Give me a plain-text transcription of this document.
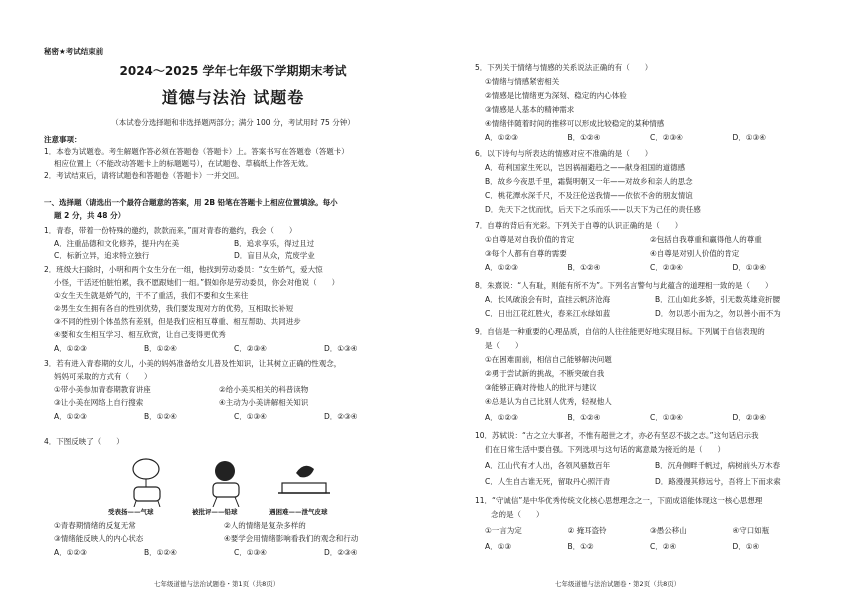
秘密★考试结束前
2024～2025 学年七年级下学期期末考试
道德与法治 试题卷
（本试卷分选择题和非选择题两部分；满分 100 分，考试用时 75 分钟）
注意事项：
1．本卷为试题卷。考生解题作答必须在答题卷（答题卡）上。答案书写在答题卷（答题卡）
相应位置上（不能改动答题卡上的标题题号），在试题卷、草稿纸上作答无效。
2．考试结束后，请将试题卷和答题卷（答题卡）一并交回。
一、选择题（请选出一个最符合题意的答案，用 2B 铅笔在答题卡上相应位置填涂。每小
题 2 分，共 48 分）
1．青春，带着一份特殊的邀约，款款而来，”面对青春的邀约，我会（　　）
A．注重品德和文化修养，提升内在美	B．追求享乐，得过且过
C．标新立异，追求特立独行	D．盲目从众，荒废学业
2．班级大扫除时，小明和两个女生分在一组，他找到劳动委员：“女生娇气，爱大惊
小怪，干活还怕脏怕累，我不愿跟她们一组。”假如你是劳动委员，你会对他说（　　）
①女生天生就是娇气的，干不了重活，我们不要和女生来往
②男生女生拥有各自的性别优势，我们要发现对方的优势，互相取长补短
③不同的性别个体虽然有差别，但是我们应相互尊重、相互帮助、共同进步
④要和女生相互学习、相互欣赏，让自己变得更优秀
A．①②③	B．①②④	C．②③④	D．①③④
3．若有进入青春期的女儿，小美的妈妈准备给女儿普及性知识，让其树立正确的性观念，
妈妈可采取的方式有（　　）
①带小美参加青春期教育讲座	②给小美买相关的科普读物
③让小美在网络上自行搜索	④主动为小美讲解相关知识
A．①②③	B．①②④	C．①③④	D．②③④
4．下图反映了（　　）
受表扬——气球	被批评——铅球	遇困难——泄气皮球
①青春期情绪的反复无常	②人的情绪是复杂多样的
③情绪能反映人的内心状态	④要学会用情绪影响看我们的观念和行动
A．①②③	B．①②④	C．①③④	D．②③④
七年级道德与法治试题卷・第1页（共8页）
5．下列关于情绪与情感的关系说法正确的有（　　）
①情绪与情感紧密相关
②情感是比情绪更为深刻、稳定的内心体验
③情感是人基本的精神需求
④情绪伴随着时间的推移可以形成比较稳定的某种情感
A．①②③	B．①②④	C．②③④	D．①③④
6．以下诗句与所表达的情感对应不准确的是（　　）
A．苟利国家生死以，岂因祸福避趋之——献身祖国的道德感
B．故乡今夜思千里，霜鬓明朝又一年——对故乡和亲人的思念
C．桃花潭水深千尺，不及汪伦送我情——依依不舍的朋友情谊
D．先天下之忧而忧，后天下之乐而乐——以天下为己任的责任感
7．自尊的背后有光彩。下列关于自尊的认识正确的是（　　）
①自尊是对自我价值的肯定	②包括自我尊重和赢得他人的尊重
③每个人都有自尊的需要	④自尊是对别人价值的肯定
A．①②③	B．①②④	C．②③④	D．①③④
8．朱熹说：“人有耻，则能有所不为”。下列名言警句与此蕴含的道理相一致的是（　　）
A．长风破浪会有时，直挂云帆济沧海	B．江山如此多娇，引无数英雄竞折腰
C．日出江花红胜火，春来江水绿如蓝	D．勿以恶小而为之，勿以善小而不为
9．自信是一种重要的心理品质，自信的人往往能更好地实现目标。下列属于自信表现的
是（　　）
①在困难面前，相信自己能够解决问题
②勇于尝试新的挑战，不断突破自我
③能够正确对待他人的批评与建议
④总是认为自己比别人优秀，轻视他人
A．①②③	B．①②④	C．①③④	D．②③④
10．苏轼说：“古之立大事者，不惟有超世之才，亦必有坚忍不拔之志。”这句话启示我
们在日常生活中要自强。下列选项与这句话的寓意最为接近的是（　　）
A．江山代有才人出，各领风骚数百年	B．沉舟侧畔千帆过，病树前头万木春
C．人生自古谁无死，留取丹心照汗青	D．路漫漫其修远兮，吾将上下而求索
11．“守诚信”是中华优秀传统文化核心思想理念之一，下面成语能体现这一核心思想理
念的是（　　）
①一言为定	② 掩耳盗铃	③愚公移山	④守口如瓶
A．①③	B．①②	C．②④	D．①④
七年级道德与法治试题卷・第2页（共8页）
